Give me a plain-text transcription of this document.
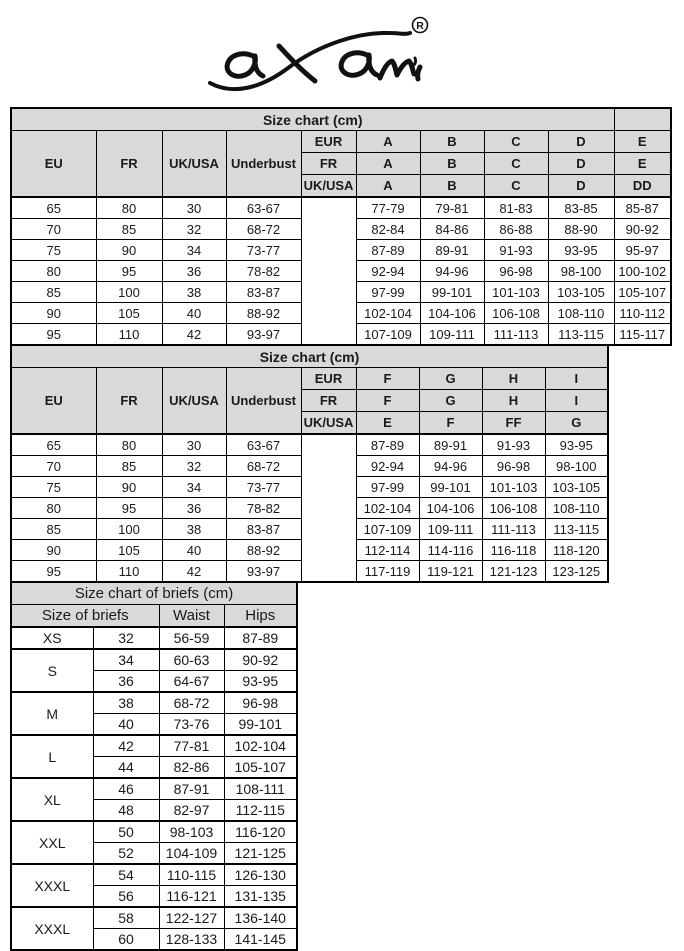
R
Size chart (cm)									
EU	FR	UK/USA	Underbust	EUR	A	B	C	D	E
				FR	A	B	C	D	E
				UK/USA	A	B	C	D	DD
65	80	30	63-67		77-79	79-81	81-83	83-85	85-87
70	85	32	68-72		82-84	84-86	86-88	88-90	90-92
75	90	34	73-77		87-89	89-91	91-93	93-95	95-97
80	95	36	78-82		92-94	94-96	96-98	98-100	100-102
85	100	38	83-87		97-99	99-101	101-103	103-105	105-107
90	105	40	88-92		102-104	104-106	106-108	108-110	110-112
95	110	42	93-97		107-109	109-111	111-113	113-115	115-117
Size chart (cm)								
EU	FR	UK/USA	Underbust	EUR	F	G	H	I
				FR	F	G	H	I
				UK/USA	E	F	FF	G
65	80	30	63-67		87-89	89-91	91-93	93-95
70	85	32	68-72		92-94	94-96	96-98	98-100
75	90	34	73-77		97-99	99-101	101-103	103-105
80	95	36	78-82		102-104	104-106	106-108	108-110
85	100	38	83-87		107-109	109-111	111-113	113-115
90	105	40	88-92		112-114	114-116	116-118	118-120
95	110	42	93-97		117-119	119-121	121-123	123-125
Size chart of briefs (cm)			
Size of briefs		Waist	Hips
XS	32	56-59	87-89
S	34	60-63	90-92
	36	64-67	93-95
M	38	68-72	96-98
	40	73-76	99-101
L	42	77-81	102-104
	44	82-86	105-107
XL	46	87-91	108-111
	48	82-97	112-115
XXL	50	98-103	116-120
	52	104-109	121-125
XXXL	54	110-115	126-130
	56	116-121	131-135
XXXL	58	122-127	136-140
	60	128-133	141-145
